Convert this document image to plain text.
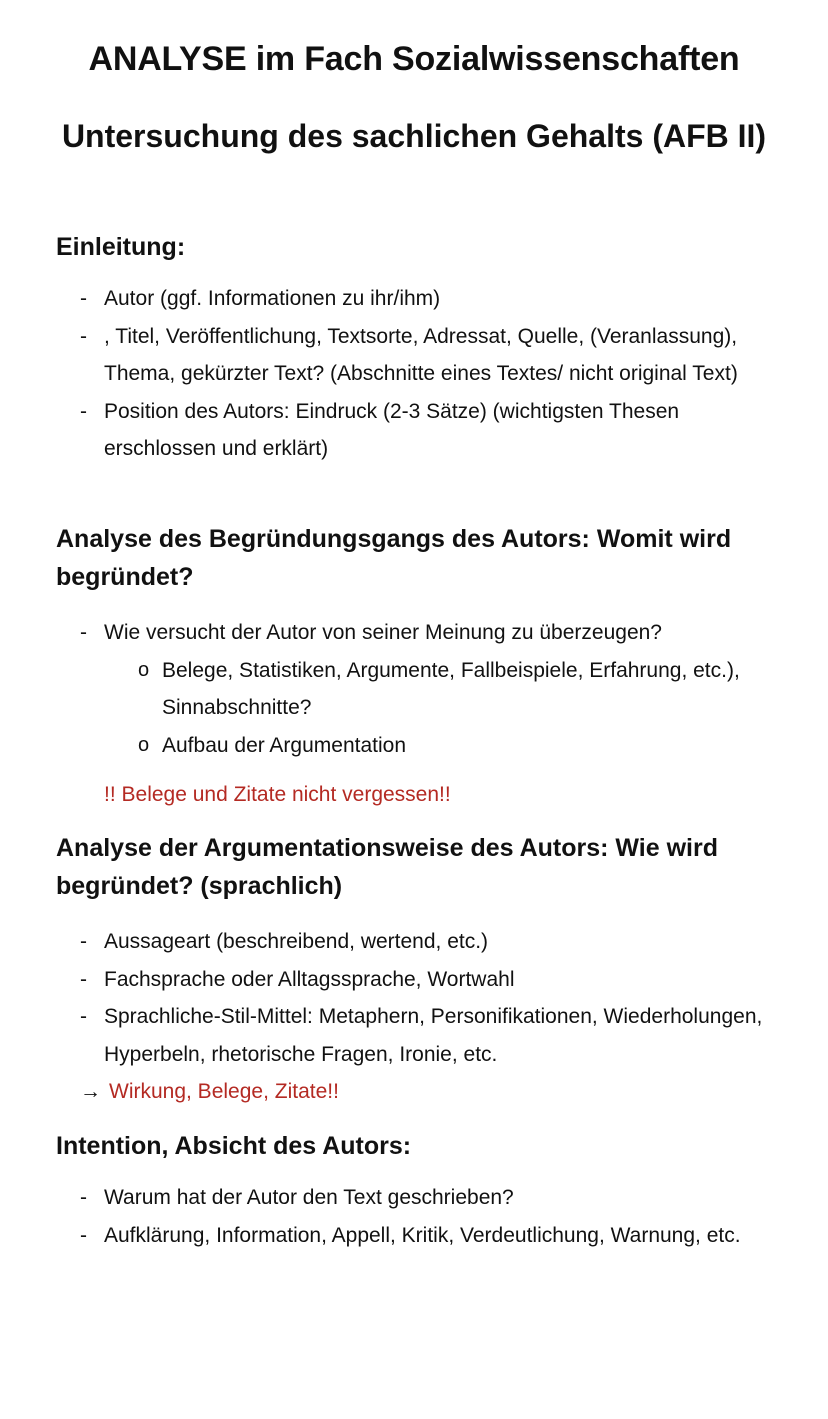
ANALYSE im Fach Sozialwissenschaften
Untersuchung des sachlichen Gehalts (AFB II)
Einleitung:
- Autor (ggf. Informationen zu ihr/ihm)
- , Titel, Veröffentlichung, Textsorte, Adressat, Quelle, (Veranlassung), Thema, gekürzter Text? (Abschnitte eines Textes/ nicht original Text)
- Position des Autors: Eindruck (2-3 Sätze) (wichtigsten Thesen erschlossen und erklärt)
Analyse des Begründungsgangs des Autors: Womit wird begründet?
- Wie versucht der Autor von seiner Meinung zu überzeugen?
o Belege, Statistiken, Argumente, Fallbeispiele, Erfahrung, etc.), Sinnabschnitte?
o Aufbau der Argumentation
!! Belege und Zitate nicht vergessen!!
Analyse der Argumentationsweise des Autors: Wie wird begründet? (sprachlich)
- Aussageart (beschreibend, wertend, etc.)
- Fachsprache oder Alltagssprache, Wortwahl
- Sprachliche-Stil-Mittel: Metaphern, Personifikationen, Wiederholungen, Hyperbeln, rhetorische Fragen, Ironie, etc.
→ Wirkung, Belege, Zitate!!
Intention, Absicht des Autors:
- Warum hat der Autor den Text geschrieben?
- Aufklärung, Information, Appell, Kritik, Verdeutlichung, Warnung, etc.
